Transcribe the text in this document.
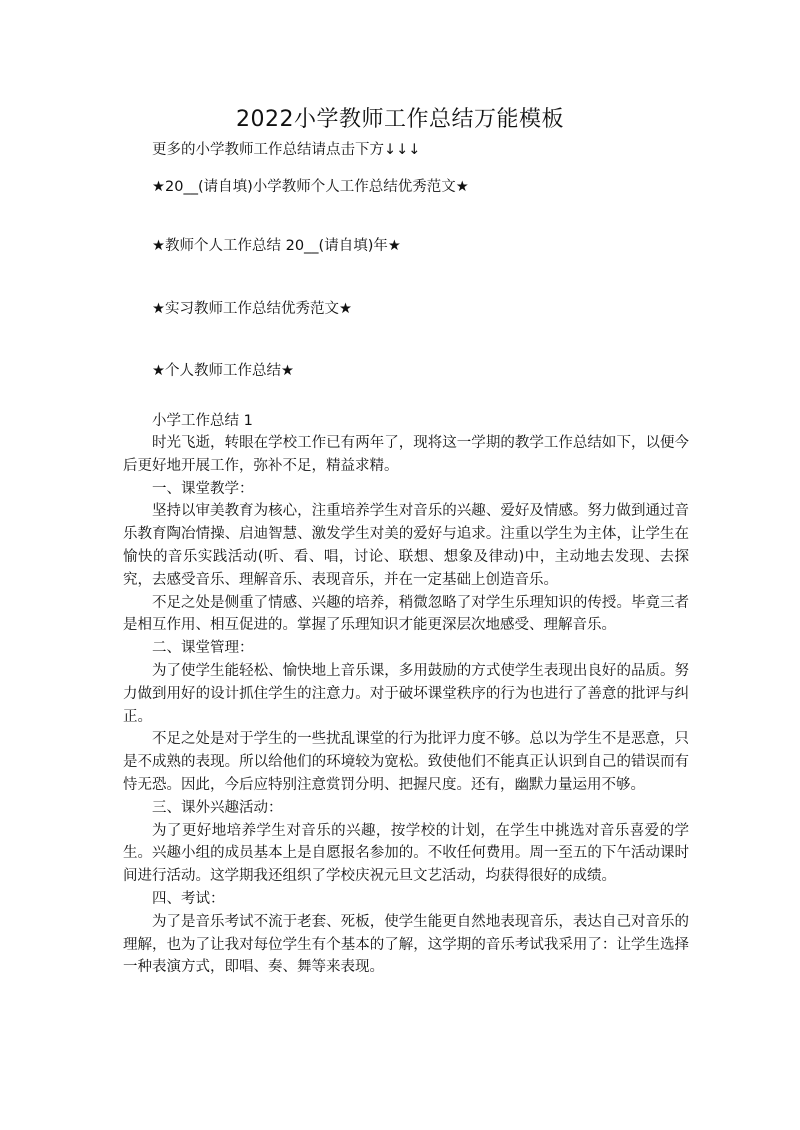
2022小学教师工作总结万能模板
更多的小学教师工作总结请点击下方↓↓↓
★20__(请自填)小学教师个人工作总结优秀范文★
★教师个人工作总结 20__(请自填)年★
★实习教师工作总结优秀范文★
★个人教师工作总结★
小学工作总结 1

时光飞逝，转眼在学校工作已有两年了，现将这一学期的教学工作总结如下，以便今后更好地开展工作，弥补不足，精益求精。

一、课堂教学：

坚持以审美教育为核心，注重培养学生对音乐的兴趣、爱好及情感。努力做到通过音乐教育陶冶情操、启迪智慧、激发学生对美的爱好与追求。注重以学生为主体，让学生在愉快的音乐实践活动(听、看、唱，讨论、联想、想象及律动)中，主动地去发现、去探究，去感受音乐、理解音乐、表现音乐，并在一定基础上创造音乐。

不足之处是侧重了情感、兴趣的培养，稍微忽略了对学生乐理知识的传授。毕竟三者是相互作用、相互促进的。掌握了乐理知识才能更深层次地感受、理解音乐。

二、课堂管理：

为了使学生能轻松、愉快地上音乐课，多用鼓励的方式使学生表现出良好的品质。努力做到用好的设计抓住学生的注意力。对于破坏课堂秩序的行为也进行了善意的批评与纠正。

不足之处是对于学生的一些扰乱课堂的行为批评力度不够。总以为学生不是恶意，只是不成熟的表现。所以给他们的环境较为宽松。致使他们不能真正认识到自己的错误而有恃无恐。因此，今后应特别注意赏罚分明、把握尺度。还有，幽默力量运用不够。

三、课外兴趣活动：

为了更好地培养学生对音乐的兴趣，按学校的计划，在学生中挑选对音乐喜爱的学生。兴趣小组的成员基本上是自愿报名参加的。不收任何费用。周一至五的下午活动课时间进行活动。这学期我还组织了学校庆祝元旦文艺活动，均获得很好的成绩。

四、考试：

为了是音乐考试不流于老套、死板，使学生能更自然地表现音乐，表达自己对音乐的理解，也为了让我对每位学生有个基本的了解，这学期的音乐考试我采用了：让学生选择一种表演方式，即唱、奏、舞等来表现。
